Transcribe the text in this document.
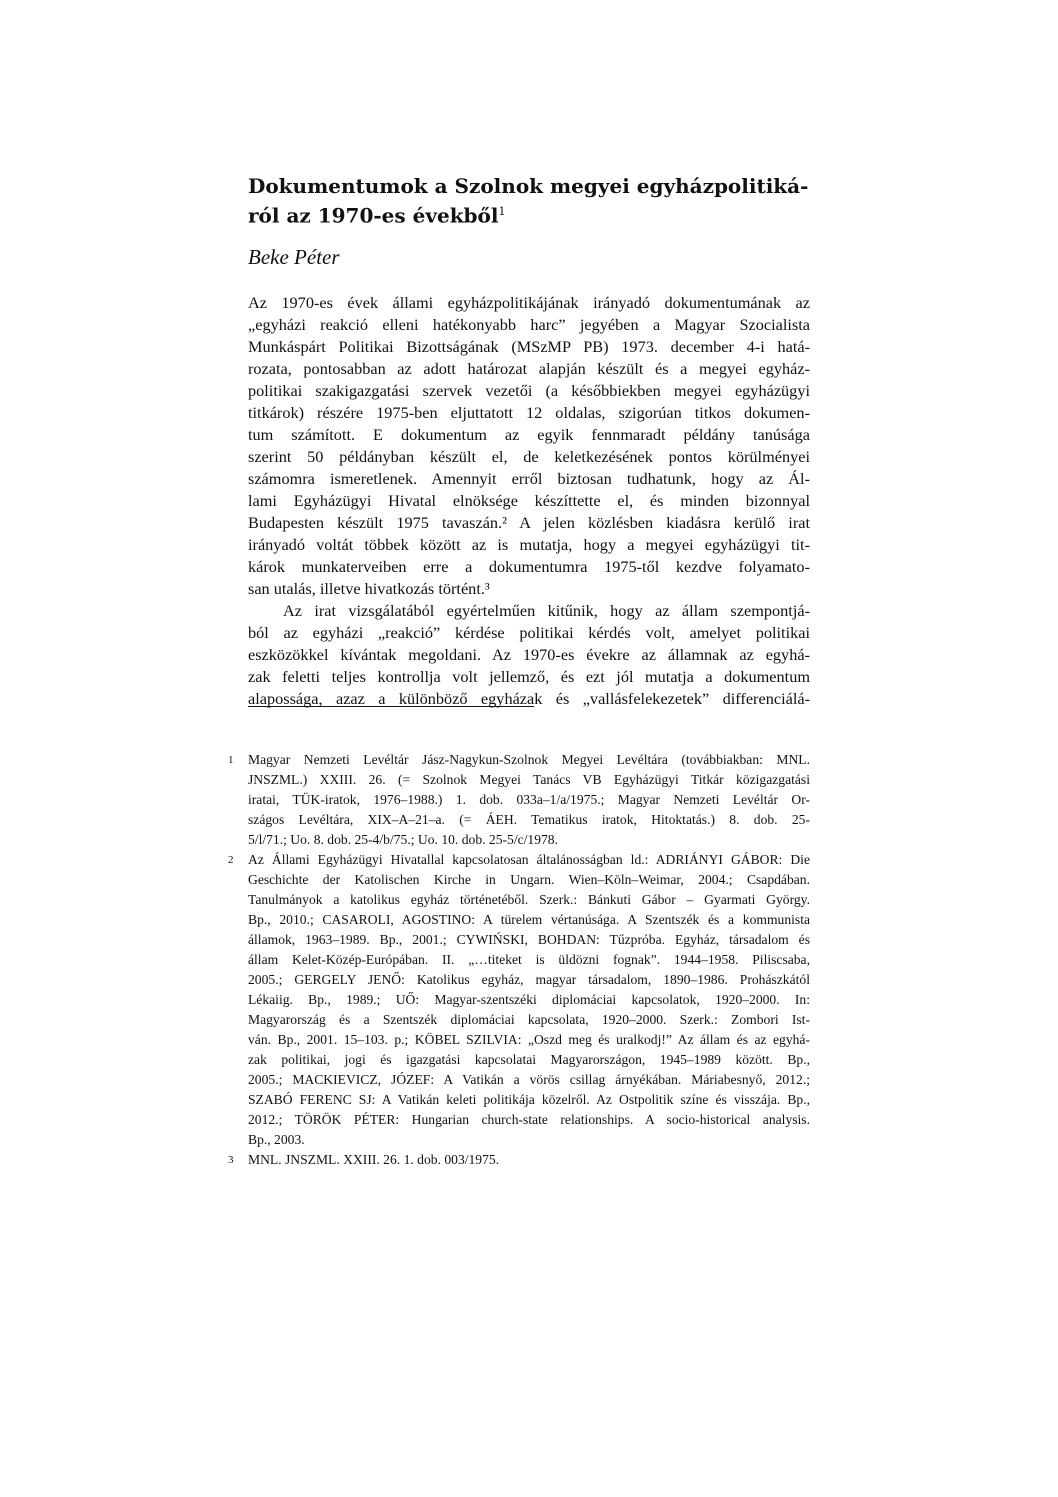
Dokumentumok a Szolnok megyei egyházpolitiká-
ról az 1970-es évekből$^1$

Beke Péter

Az 1970-es évek állami egyházpolitikájának irányadó dokumentumának az
„egyházi reakció elleni hatékonyabb harc” jegyében a Magyar Szocialista
Munkáspárt Politikai Bizottságának (MSzMP PB) 1973. december 4-i hatá-
rozata, pontosabban az adott határozat alapján készült és a megyei egyház-
politikai szakigazgatási szervek vezetői (a későbbiekben megyei egyházügyi
titkárok) részére 1975-ben eljuttatott 12 oldalas, szigorúan titkos dokumen-
tum számított. E dokumentum az egyik fennmaradt példány tanúsága
szerint 50 példányban készült el, de keletkezésének pontos körülményei
számomra ismeretlenek. Amennyit erről biztosan tudhatunk, hogy az Ál-
lami Egyházügyi Hivatal elnöksége készíttette el, és minden bizonnyal
Budapesten készült 1975 tavaszán.² A jelen közlésben kiadásra kerülő irat
irányadó voltát többek között az is mutatja, hogy a megyei egyházügyi tit-
károk munkaterveiben erre a dokumentumra 1975-től kezdve folyamato-
san utalás, illetve hivatkozás történt.³
Az irat vizsgálatából egyértelműen kitűnik, hogy az állam szempontjá-
ból az egyházi „reakció” kérdése politikai kérdés volt, amelyet politikai
eszközökkel kívántak megoldani. Az 1970-es évekre az államnak az egyhá-
zak feletti teljes kontrollja volt jellemző, és ezt jól mutatja a dokumentum
alapossága, azaz a különböző egyházak és „vallásfelekezetek” differenciálá-
1 Magyar Nemzeti Levéltár Jász-Nagykun-Szolnok Megyei Levéltára (továbbiakban: MNL.
JNSZML.) XXIII. 26. (= Szolnok Megyei Tanács VB Egyházügyi Titkár közigazgatási
iratai, TÜK-iratok, 1976–1988.) 1. dob. 033a–1/a/1975.; Magyar Nemzeti Levéltár Or-
szágos Levéltára, XIX–A–21–a. (= ÁEH. Tematikus iratok, Hitoktatás.) 8. dob. 25-
5/l/71.; Uo. 8. dob. 25-4/b/75.; Uo. 10. dob. 25-5/c/1978.
2 Az Állami Egyházügyi Hivatallal kapcsolatosan általánosságban ld.: ADRIÁNYI GÁBOR: Die
Geschichte der Katolischen Kirche in Ungarn. Wien–Köln–Weimar, 2004.; Csapdában.
Tanulmányok a katolikus egyház történetéből. Szerk.: Bánkuti Gábor – Gyarmati György.
Bp., 2010.; CASAROLI, AGOSTINO: A türelem vértanúsága. A Szentszék és a kommunista
államok, 1963–1989. Bp., 2001.; CYWIŃSKI, BOHDAN: Tűzpróba. Egyház, társadalom és
állam Kelet-Közép-Európában. II. „…titeket is üldözni fognak”. 1944–1958. Piliscsaba,
2005.; GERGELY JENŐ: Katolikus egyház, magyar társadalom, 1890–1986. Prohászkától
Lékaiig. Bp., 1989.; UŐ: Magyar-szentszéki diplomáciai kapcsolatok, 1920–2000. In:
Magyarország és a Szentszék diplomáciai kapcsolata, 1920–2000. Szerk.: Zombori Ist-
ván. Bp., 2001. 15–103. p.; KÖBEL SZILVIA: „Oszd meg és uralkodj!” Az állam és az egyhá-
zak politikai, jogi és igazgatási kapcsolatai Magyarországon, 1945–1989 között. Bp.,
2005.; MACKIEVICZ, JÓZEF: A Vatikán a vörös csillag árnyékában. Máriabesnyő, 2012.;
SZABÓ FERENC SJ: A Vatikán keleti politikája közelről. Az Ostpolitik színe és visszája. Bp.,
2012.; TÖRÖK PÉTER: Hungarian church-state relationships. A socio-historical analysis.
Bp., 2003.
3 MNL. JNSZML. XXIII. 26. 1. dob. 003/1975.
